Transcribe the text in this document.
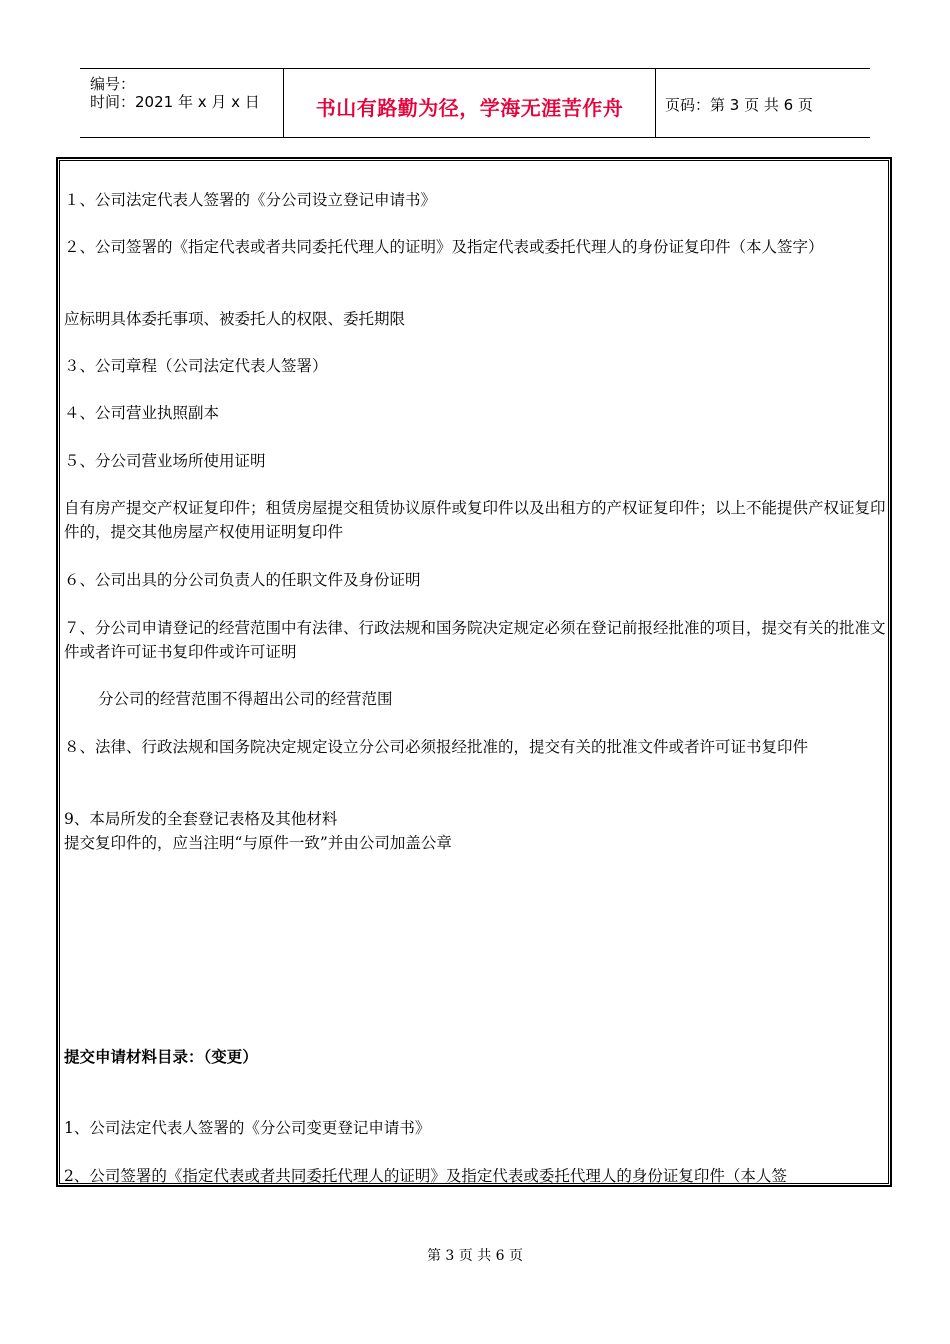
编号：
时间：2021 年 x 月 x 日	书山有路勤为径，学海无涯苦作舟	页码：第 3 页 共 6 页
１、公司法定代表人签署的《分公司设立登记申请书》
２、公司签署的《指定代表或者共同委托代理人的证明》及指定代表或委托代理人的身份证复印件（本人签字）
应标明具体委托事项、被委托人的权限、委托期限
３、公司章程（公司法定代表人签署）
４、公司营业执照副本
５、分公司营业场所使用证明
自有房产提交产权证复印件；租赁房屋提交租赁协议原件或复印件以及出租方的产权证复印件；以上不能提供产权证复印件的，提交其他房屋产权使用证明复印件
６、公司出具的分公司负责人的任职文件及身份证明
７、分公司申请登记的经营范围中有法律、行政法规和国务院决定规定必须在登记前报经批准的项目，提交有关的批准文件或者许可证书复印件或许可证明
分公司的经营范围不得超出公司的经营范围
８、法律、行政法规和国务院决定规定设立分公司必须报经批准的，提交有关的批准文件或者许可证书复印件
9、本局所发的全套登记表格及其他材料
提交复印件的，应当注明“与原件一致”并由公司加盖公章
提交申请材料目录：（变更）
1、公司法定代表人签署的《分公司变更登记申请书》
2、公司签署的《指定代表或者共同委托代理人的证明》及指定代表或委托代理人的身份证复印件（本人签
第 3 页 共 6 页
